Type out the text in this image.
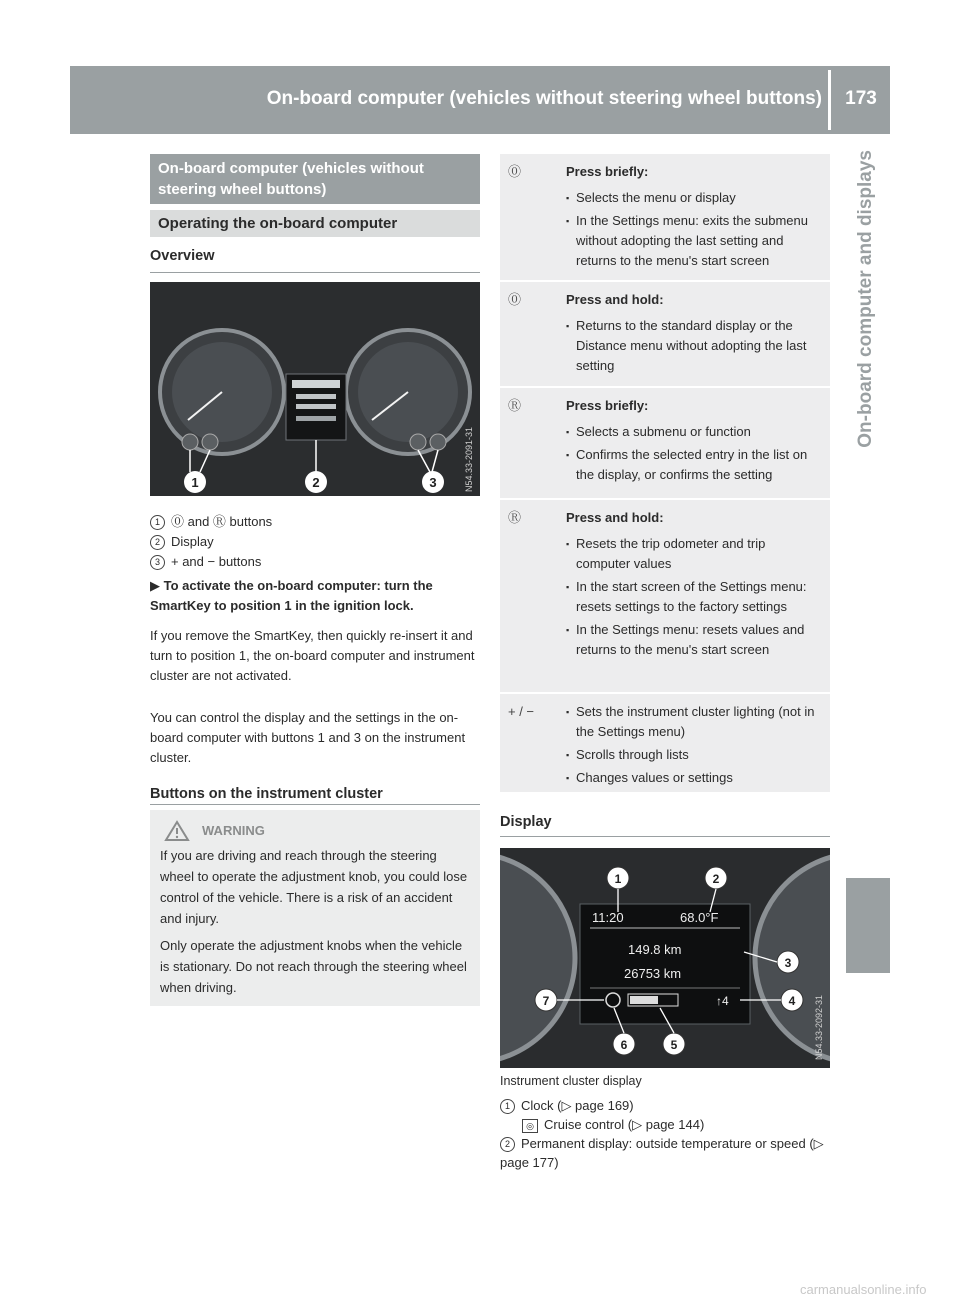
On-board computer (vehicles without steering wheel buttons)	173
On-board computer and displays
On-board computer (vehicles without steering wheel buttons)
Operating the on-board computer
Overview
1	2	3	N54.33-2091-31
1 ⓪ and Ⓡ buttons
2 Display
3 + and − buttons
▶ To activate the on-board computer: turn the SmartKey to position 1 in the ignition lock.
If you remove the SmartKey, then quickly re-insert it and turn to position 1, the on-board computer and instrument cluster are not activated.
You can control the display and the settings in the on-board computer with buttons 1 and 3 on the instrument cluster.
Buttons on the instrument cluster
WARNING
If you are driving and reach through the steering wheel to operate the adjustment knob, you could lose control of the vehicle. There is a risk of an accident and injury.
Only operate the adjustment knobs when the vehicle is stationary. Do not reach through the steering wheel when driving.
⓪	Press briefly:
▪ Selects the menu or display
▪ In the Settings menu: exits the submenu without adopting the last setting and returns to the menu's start screen
⓪	Press and hold:
▪ Returns to the standard display or the Distance menu without adopting the last setting
Ⓡ	Press briefly:
▪ Selects a submenu or function
▪ Confirms the selected entry in the list on the display, or confirms the setting
Ⓡ	Press and hold:
▪ Resets the trip odometer and trip computer values
▪ In the start screen of the Settings menu: resets settings to the factory settings
▪ In the Settings menu: resets values and returns to the menu's start screen
+ / −
▪	Sets the instrument cluster lighting (not in the Settings menu)
▪ Scrolls through lists
▪ Changes values or settings
Display
11:20	68.0°F
149.8 km
26753 km
↑4
1	2
3
4
5
6
7	N54.33-2092-31
Instrument cluster display
1 Clock (▷ page 169)
◎ Cruise control (▷ page 144)
2 Permanent display: outside temperature or speed (▷ page 177)
carmanualsonline.info
